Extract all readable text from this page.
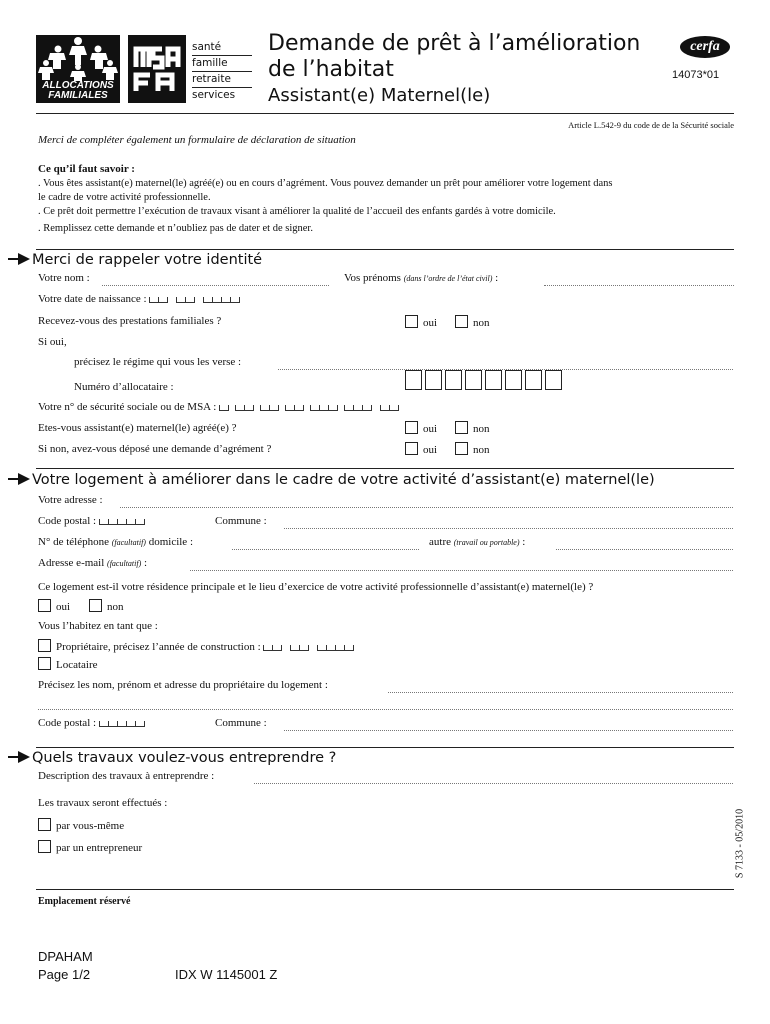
ALLOCATIONS
FAMILIALES
santé
famille
retraite
services
Demande de prêt à l’amélioration
de l’habitat
Assistant(e) Maternel(le)
cerfa
14073*01
Article L.542-9 du code de de la Sécurité sociale
Merci de compléter également un formulaire de déclaration de situation
Ce qu’il faut savoir :
. Vous êtes assistant(e) maternel(le) agréé(e) ou en cours d’agrément. Vous pouvez demander un prêt pour améliorer votre logement dans
le cadre de votre activité professionnelle.
. Ce prêt doit permettre l’exécution de travaux visant à améliorer la qualité de l’accueil des enfants gardés à votre domicile.
. Remplissez cette demande et n’oubliez pas de dater et de signer.
Merci de rappeler votre identité
Votre nom :	Vos prénoms (dans l’ordre de l’état civil) :
Votre date de naissance :
Recevez-vous des prestations familiales ?	oui	non
Si oui,
précisez le régime qui vous les verse :
Numéro d’allocataire :
Votre n° de sécurité sociale ou de MSA :
Etes-vous assistant(e) maternel(le) agréé(e) ?	oui	non
Si non, avez-vous déposé une demande d’agrément ?	oui	non
Votre logement à améliorer dans le cadre de votre activité d’assistant(e) maternel(le)
Votre adresse :
Code postal :	Commune :
N° de téléphone (facultatif) domicile :	autre (travail ou portable) :
Adresse e-mail (facultatif) :
Ce logement est-il votre résidence principale et le lieu d’exercice de votre activité professionnelle d’assistant(e) maternel(le) ?
oui	non
Vous l’habitez en tant que :
Propriétaire, précisez l’année de construction :
Locataire
Précisez les nom, prénom et adresse du propriétaire du logement :
Code postal :	Commune :
Quels travaux voulez-vous entreprendre ?
Description des travaux à entreprendre :
Les travaux seront effectués :
par vous-même
par un entrepreneur	S 7133 - 05/2010
Emplacement réservé
DPAHAM
Page 1/2	IDX W 1145001 Z
